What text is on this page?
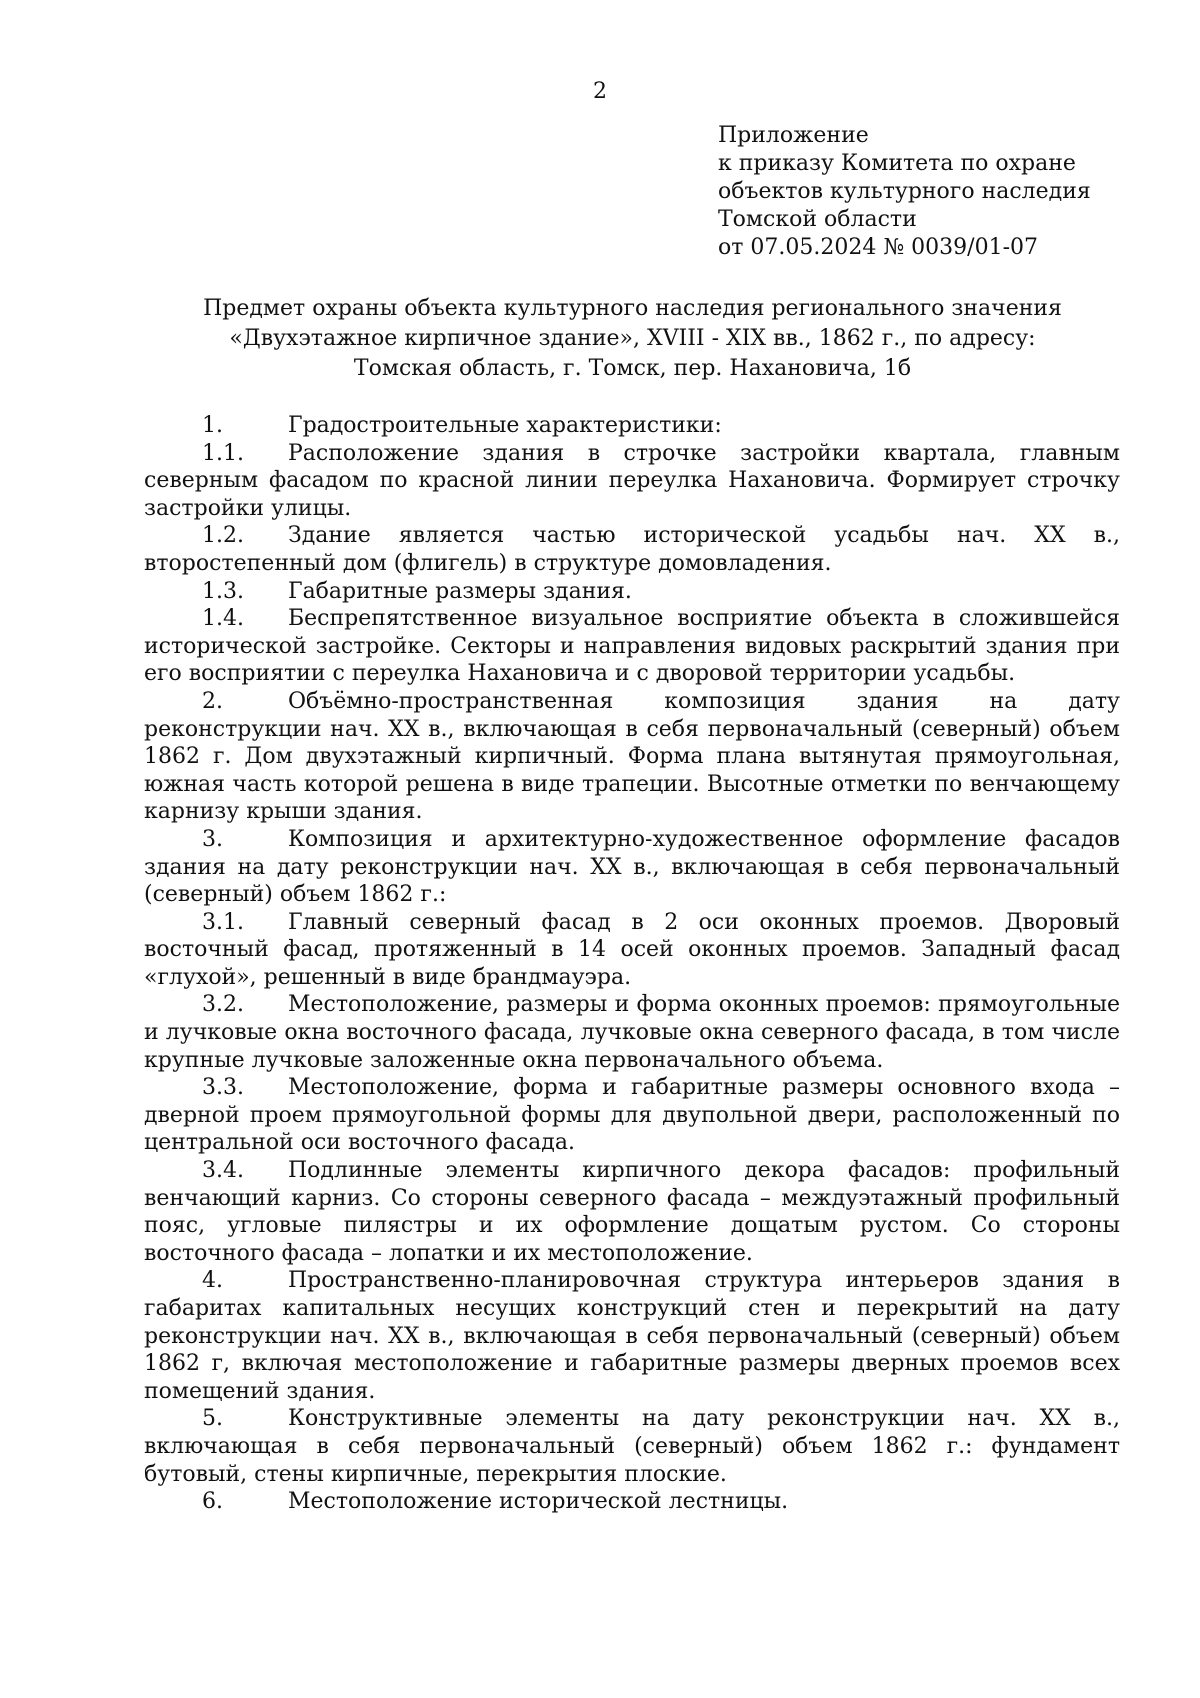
2
Приложение
к приказу Комитета по охране
объектов культурного наследия
Томской области
от 07.05.2024 № 0039/01-07
Предмет охраны объекта культурного наследия регионального значения
«Двухэтажное кирпичное здание», XVIII - XIX вв., 1862 г., по адресу:
Томская область, г. Томск, пер. Нахановича, 1б

1.	Градостроительные характеристики:

1.1. Расположение здания в строчке застройки квартала, главным северным фасадом по красной линии переулка Нахановича. Формирует строчку застройки улицы.

1.2. Здание является частью исторической усадьбы нач. XX в., второстепенный дом (флигель) в структуре домовладения.

1.3. Габаритные размеры здания.

1.4. Беспрепятственное визуальное восприятие объекта в сложившейся исторической застройке. Секторы и направления видовых раскрытий здания при его восприятии с переулка Нахановича и с дворовой территории усадьбы.

2.	Объёмно-пространственная композиция здания на дату реконструкции нач. XX в., включающая в себя первоначальный (северный) объем 1862 г. Дом двухэтажный кирпичный. Форма плана вытянутая прямоугольная, южная часть которой решена в виде трапеции. Высотные отметки по венчающему карнизу крыши здания.

3.	Композиция и архитектурно-художественное оформление фасадов здания на дату реконструкции нач. XX в., включающая в себя первоначальный (северный) объем 1862 г.:

3.1. Главный северный фасад в 2 оси оконных проемов. Дворовый восточный фасад, протяженный в 14 осей оконных проемов. Западный фасад «глухой», решенный в виде брандмауэра.

3.2. Местоположение, размеры и форма оконных проемов: прямоугольные и лучковые окна восточного фасада, лучковые окна северного фасада, в том числе крупные лучковые заложенные окна первоначального объема.

3.3. Местоположение, форма и габаритные размеры основного входа – дверной проем прямоугольной формы для двупольной двери, расположенный по центральной оси восточного фасада.

3.4. Подлинные элементы кирпичного декора фасадов: профильный венчающий карниз. Со стороны северного фасада – междуэтажный профильный пояс, угловые пилястры и их оформление дощатым рустом. Со стороны восточного фасада – лопатки и их местоположение.

4.	Пространственно-планировочная структура интерьеров здания в габаритах капитальных несущих конструкций стен и перекрытий на дату реконструкции нач. XX в., включающая в себя первоначальный (северный) объем 1862 г, включая местоположение и габаритные размеры дверных проемов всех помещений здания.

5.	Конструктивные элементы на дату реконструкции нач. XX в., включающая в себя первоначальный (северный) объем 1862 г.: фундамент бутовый, стены кирпичные, перекрытия плоские.

6.	Местоположение исторической лестницы.
